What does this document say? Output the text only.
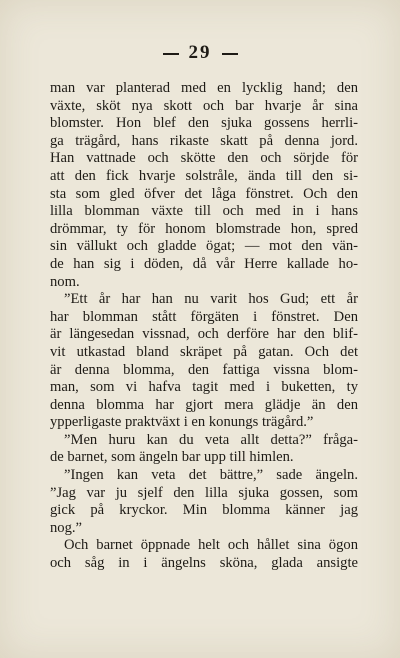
29
man var planterad med en lycklig hand; den
växte, sköt nya skott och bar hvarje år sina
blomster. Hon blef den sjuka gossens herrli-
ga trägård, hans rikaste skatt på denna jord.
Han vattnade och skötte den och sörjde för
att den fick hvarje solstråle, ända till den si-
sta som gled öfver det låga fönstret. Och den
lilla blomman växte till och med in i hans
drömmar, ty för honom blomstrade hon, spred
sin vällukt och gladde ögat; — mot den vän-
de han sig i döden, då vår Herre kallade ho-
nom.
”Ett år har han nu varit hos Gud; ett år
har blomman stått förgäten i fönstret. Den
är längesedan vissnad, och derföre har den blif-
vit utkastad bland skräpet på gatan. Och det
är denna blomma, den fattiga vissna blom-
man, som vi hafva tagit med i buketten, ty
denna blomma har gjort mera glädje än den
ypperligaste praktväxt i en konungs trägård.”
”Men huru kan du veta allt detta?” fråga-
de barnet, som ängeln bar upp till himlen.
”Ingen kan veta det bättre,” sade ängeln.
”Jag var ju sjelf den lilla sjuka gossen, som
gick på kryckor. Min blomma känner jag
nog.”
Och barnet öppnade helt och hållet sina ögon
och såg in i ängelns sköna, glada ansigte
